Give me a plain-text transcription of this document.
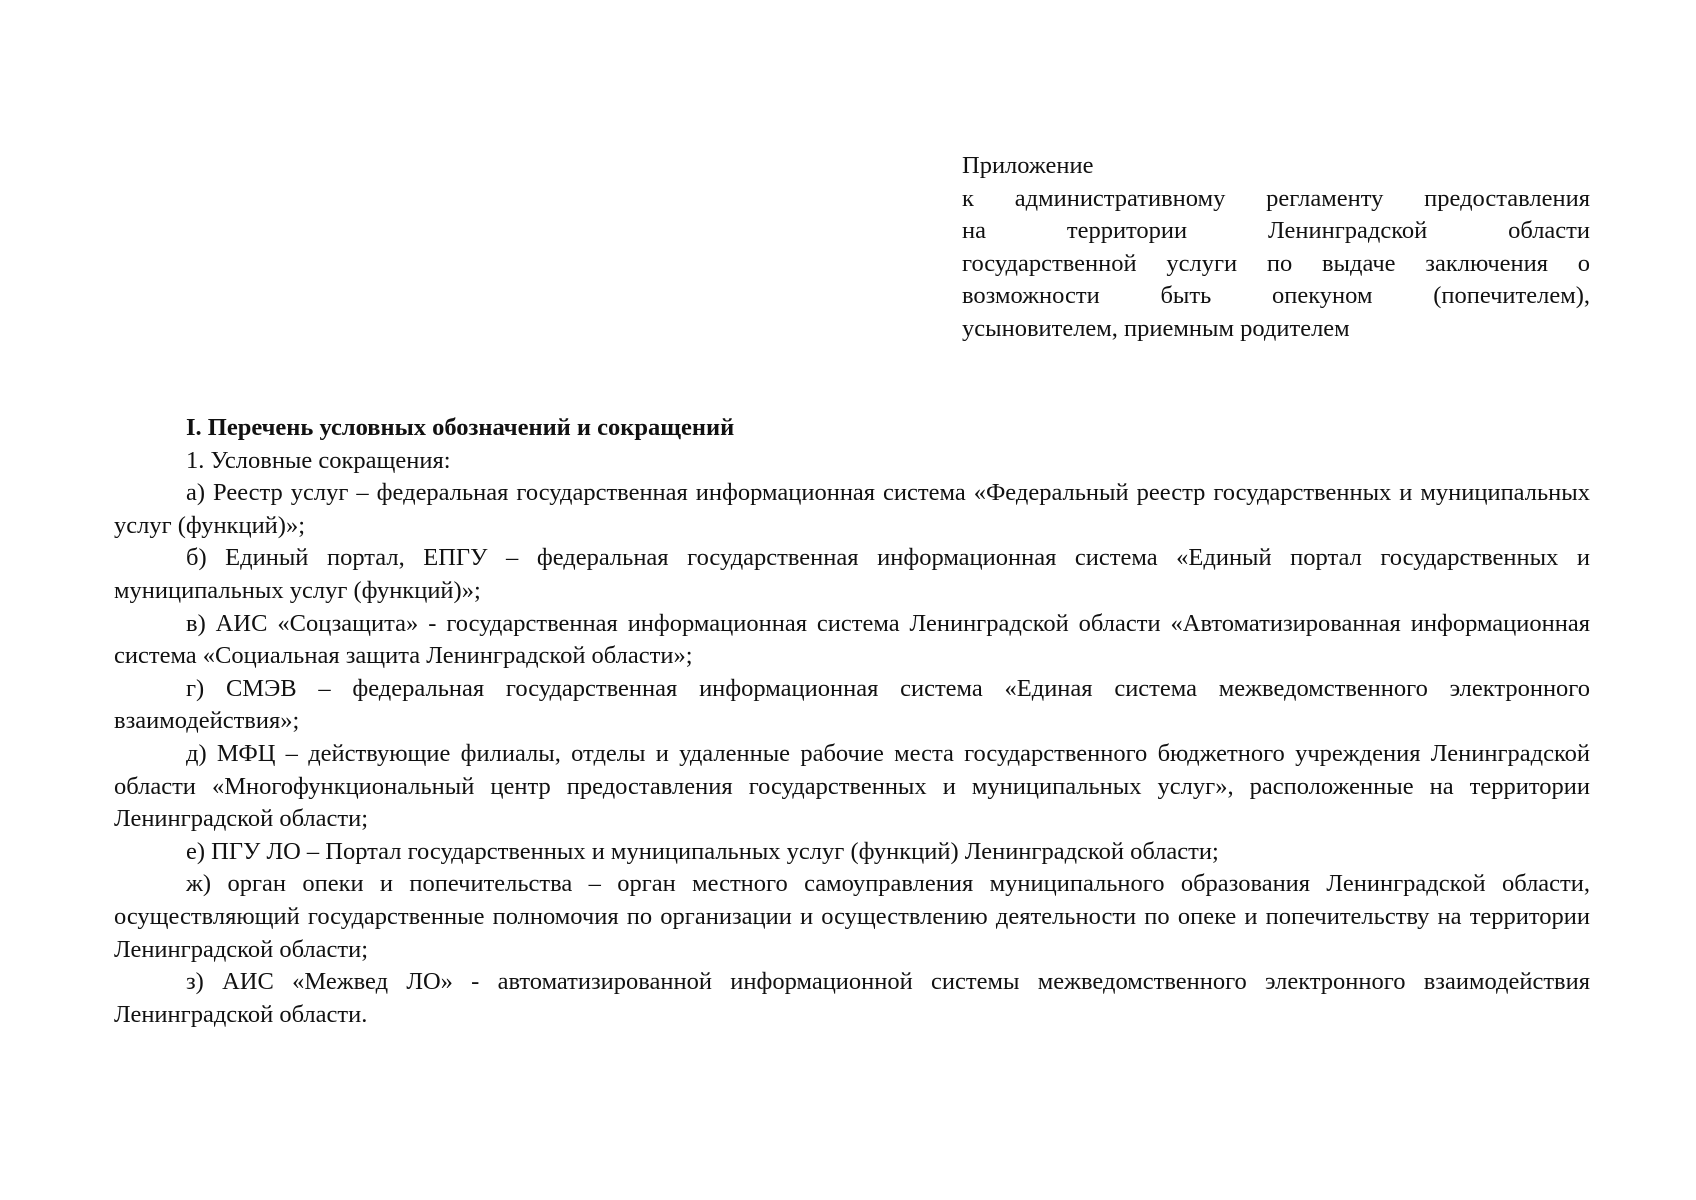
Приложение
к административному регламенту предоставления
на территории Ленинградской области
государственной услуги по выдаче заключения о
возможности быть опекуном (попечителем),
усыновителем, приемным родителем

I. Перечень условных обозначений и сокращений

1. Условные сокращения:

а) Реестр услуг – федеральная государственная информационная система «Федеральный реестр государственных и муниципальных услуг (функций)»;

б) Единый портал, ЕПГУ – федеральная государственная информационная система «Единый портал государственных и муниципальных услуг (функций)»;

в) АИС «Соцзащита» - государственная информационная система Ленинградской области «Автоматизированная информационная система «Социальная защита Ленинградской области»;

г) СМЭВ – федеральная государственная информационная система «Единая система межведомственного электронного взаимодействия»;

д) МФЦ – действующие филиалы, отделы и удаленные рабочие места государственного бюджетного учреждения Ленинградской области «Многофункциональный центр предоставления государственных и муниципальных услуг», расположенные на территории Ленинградской области;

е) ПГУ ЛО – Портал государственных и муниципальных услуг (функций) Ленинградской области;

ж) орган опеки и попечительства – орган местного самоуправления муниципального образования Ленинградской области, осуществляющий государственные полномочия по организации и осуществлению деятельности по опеке и попечительству на территории Ленинградской области;

з) АИС «Межвед ЛО» - автоматизированной информационной системы межведомственного электронного взаимодействия Ленинградской области.
